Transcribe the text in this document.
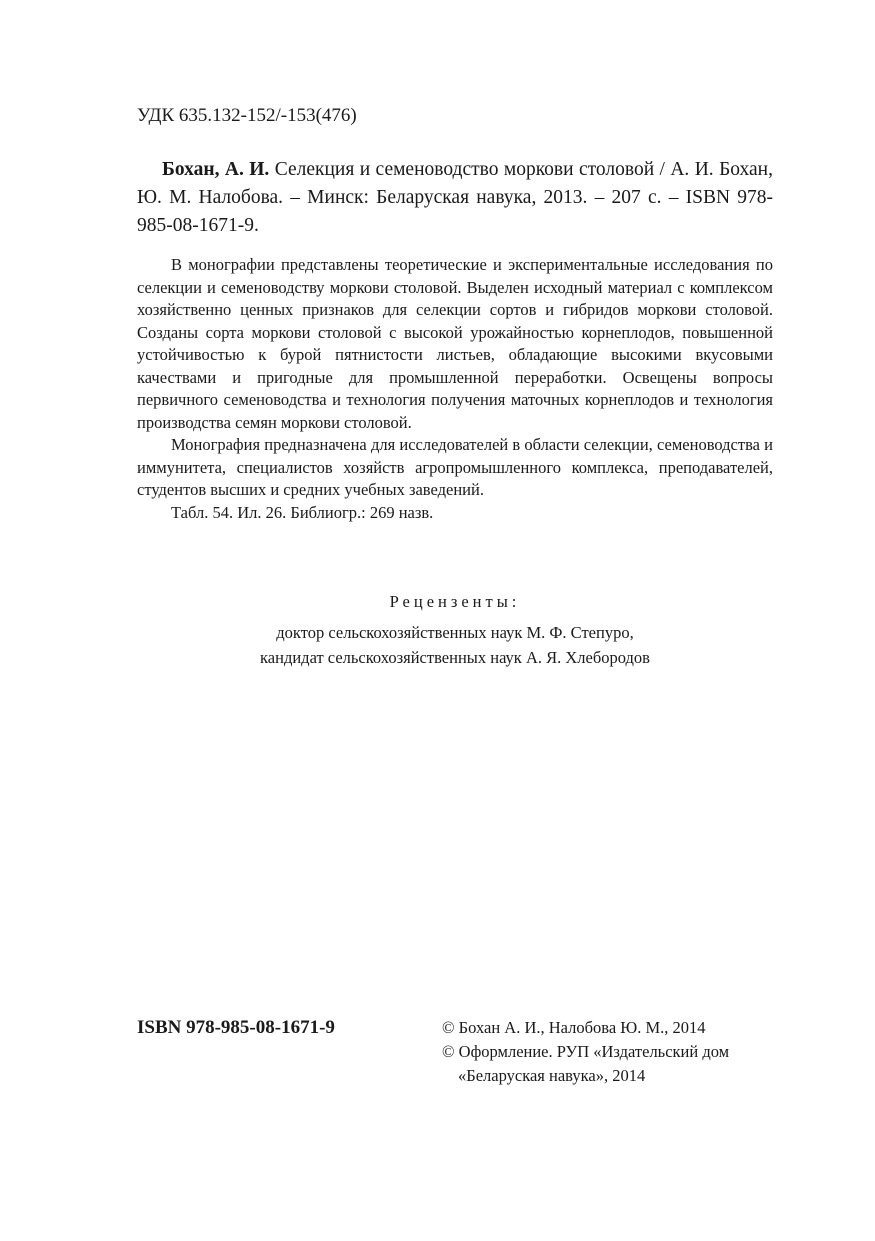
УДК 635.132-152/-153(476)

Бохан, А. И. Селекция и семеноводство моркови столовой / А. И. Бохан, Ю. М. Налобова. – Минск: Беларуская навука, 2013. – 207 с. – ISBN 978-985-08-1671-9.

В монографии представлены теоретические и экспериментальные исследования по селекции и семеноводству моркови столовой. Выделен исходный материал с комплексом хозяйственно ценных признаков для селекции сортов и гибридов моркови столовой. Созданы сорта моркови столовой с высокой урожайностью корнеплодов, повышенной устойчивостью к бурой пятнистости листьев, обладающие высокими вкусовыми качествами и пригодные для промышленной переработки. Освещены вопросы первичного семеноводства и технология получения маточных корнеплодов и технология производства семян моркови столовой.

Монография предназначена для исследователей в области селекции, семеноводства и иммунитета, специалистов хозяйств агропромышленного комплекса, преподавателей, студентов высших и средних учебных заведений.

Табл. 54. Ил. 26. Библиогр.: 269 назв.

Рецензенты:

доктор сельскохозяйственных наук М. Ф. Степуро,
кандидат сельскохозяйственных наук А. Я. Хлебородов
ISBN 978-985-08-1671-9	© Бохан А. И., Налобова Ю. М., 2014
© Оформление. РУП «Издательский дом
«Беларуская навука», 2014
